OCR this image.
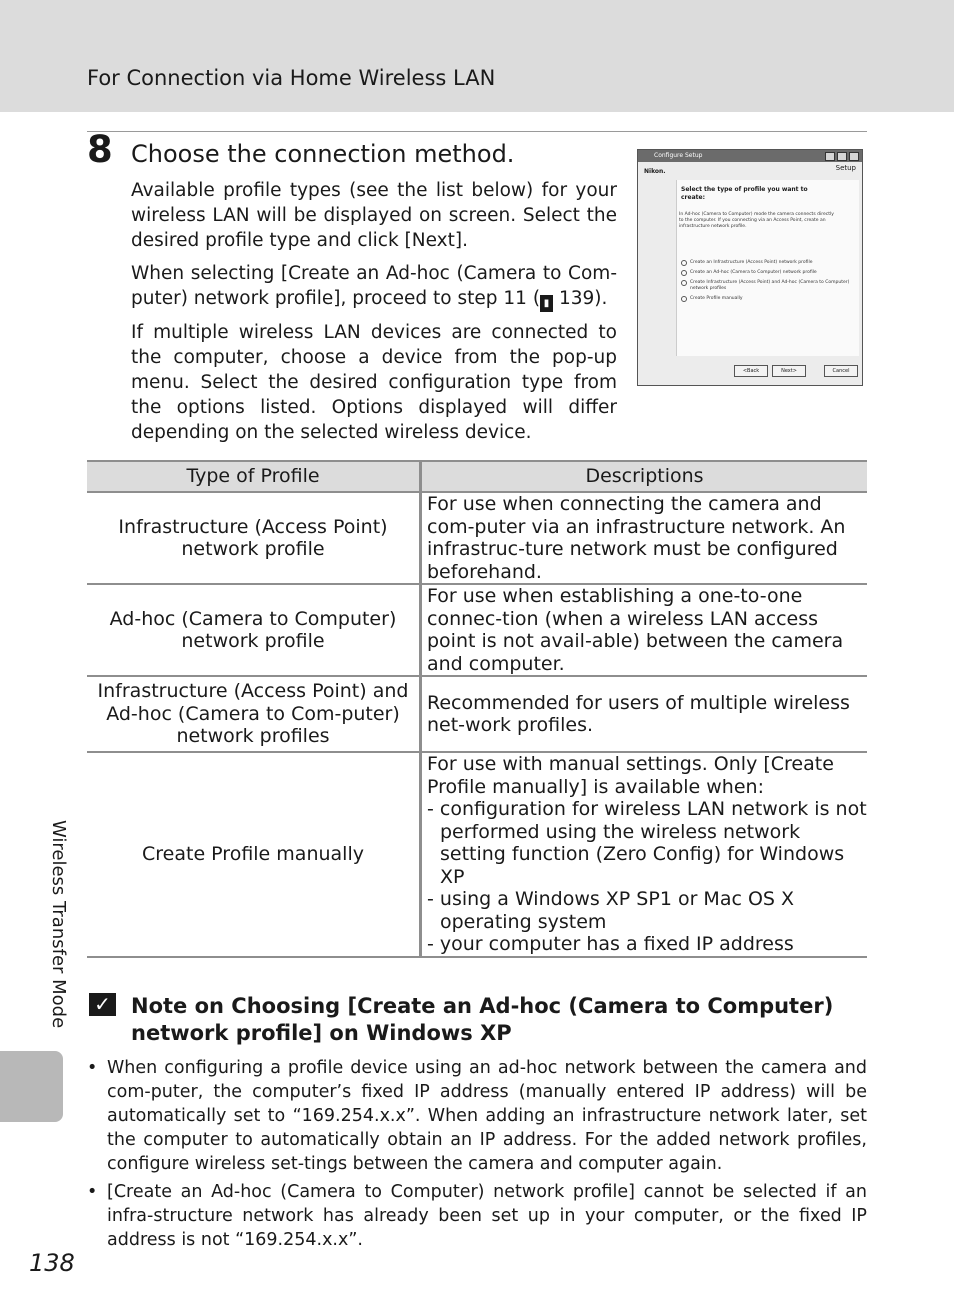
For Connection via Home Wireless LAN
8 Choose the connection method.

Available profile types (see the list below) for your wireless LAN will be displayed on screen. Select the desired profile type and click [Next].

When selecting [Create an Ad-hoc (Camera to Com-puter) network profile], proceed to step 11 ( ▮ 139).

If multiple wireless LAN devices are connected to the computer, choose a device from the pop-up menu. Select the desired configuration type from the options listed. Options displayed will differ depending on the selected wireless device.

Configure Setup
Nikon.	Setup
Select the type of profile you want to create:
In Ad-hoc (Camera to Computer) mode the camera connects directly to the computer. If you connecting via an Access Point, create an infrastructure network profile.
Create an Infrastructure (Access Point) network profile
Create an Ad-hoc (Camera to Computer) network profile
Create Infrastructure (Access Point) and Ad-hoc (Camera to Computer) network profiles
Create Profile manually
<Back	Next>	Cancel
Type of Profile	Descriptions
Infrastructure (Access Point) network profile	For use when connecting the camera and com-puter via an infrastructure network. An infrastruc-ture network must be configured beforehand.
Ad-hoc (Camera to Computer) network profile	For use when establishing a one-to-one connec-tion (when a wireless LAN access point is not avail-able) between the camera and computer.
Infrastructure (Access Point) and Ad-hoc (Camera to Com-puter) network profiles	Recommended for users of multiple wireless net-work profiles.
Create Profile manually	For use with manual settings. Only [Create Profile manually] is available when:
- configuration for wireless LAN network is not performed using the wireless network setting function (Zero Config) for Windows XP
- using a Windows XP SP1 or Mac OS X operating system
- your computer has a fixed IP address
Wireless Transfer Mode ✓ Note on Choosing [Create an Ad-hoc (Camera to Computer) network profile] on Windows XP
• When configuring a profile device using an ad-hoc network between the camera and com-puter, the computer’s fixed IP address (manually entered IP address) will be automatically set to “169.254.x.x”. When adding an infrastructure network later, set the computer to automatically obtain an IP address. For the added network profiles, configure wireless set-tings between the camera and computer again.
• [Create an Ad-hoc (Camera to Computer) network profile] cannot be selected if an infra-structure network has already been set up in your computer, or the fixed IP address is not “169.254.x.x”.
138
